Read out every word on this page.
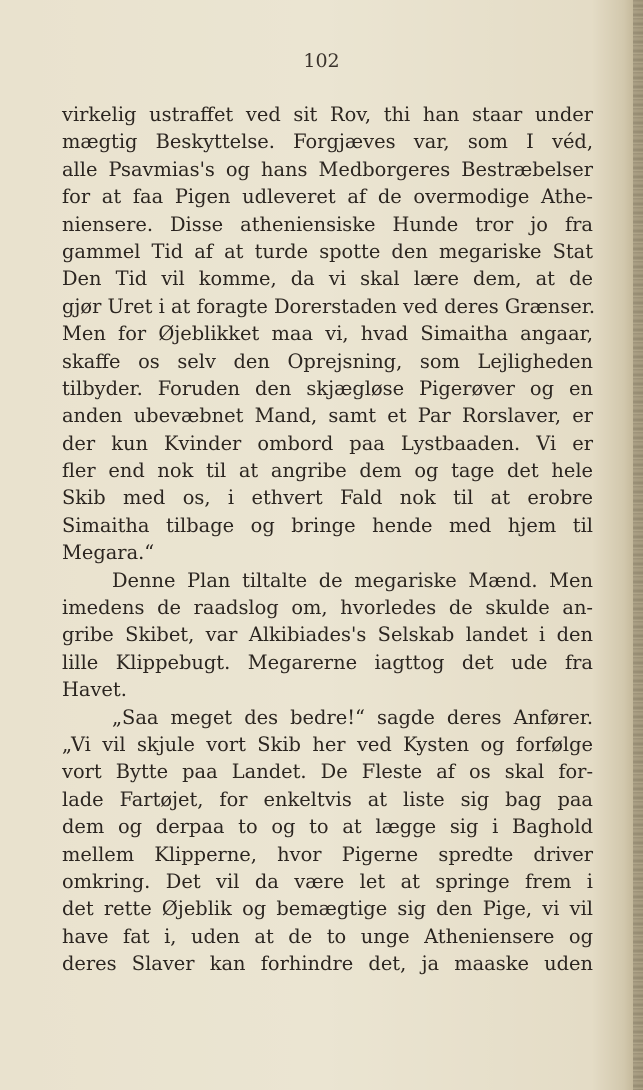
102
virkelig ustraffet ved sit Rov, thi han staar under
mægtig Beskyttelse. Forgjæves var, som I véd,
alle Psavmias's og hans Medborgeres Bestræbelser
for at faa Pigen udleveret af de overmodige Athe-
niensere. Disse atheniensiske Hunde tror jo fra
gammel Tid af at turde spotte den megariske Stat
Den Tid vil komme, da vi skal lære dem, at de
gjør Uret i at foragte Dorerstaden ved deres Grænser.
Men for Øjeblikket maa vi, hvad Simaitha angaar,
skaffe os selv den Oprejsning, som Lejligheden
tilbyder. Foruden den skjægløse Pigerøver og en
anden ubevæbnet Mand, samt et Par Rorslaver, er
der kun Kvinder ombord paa Lystbaaden. Vi er
fler end nok til at angribe dem og tage det hele
Skib med os, i ethvert Fald nok til at erobre
Simaitha tilbage og bringe hende med hjem til
Megara.“
Denne Plan tiltalte de megariske Mænd. Men
imedens de raadslog om, hvorledes de skulde an-
gribe Skibet, var Alkibiades's Selskab landet i den
lille Klippebugt. Megarerne iagttog det ude fra
Havet.
„Saa meget des bedre!“ sagde deres Anfører.
„Vi vil skjule vort Skib her ved Kysten og forfølge
vort Bytte paa Landet. De Fleste af os skal for-
lade Fartøjet, for enkeltvis at liste sig bag paa
dem og derpaa to og to at lægge sig i Baghold
mellem Klipperne, hvor Pigerne spredte driver
omkring. Det vil da være let at springe frem i
det rette Øjeblik og bemægtige sig den Pige, vi vil
have fat i, uden at de to unge Atheniensere og
deres Slaver kan forhindre det, ja maaske uden
